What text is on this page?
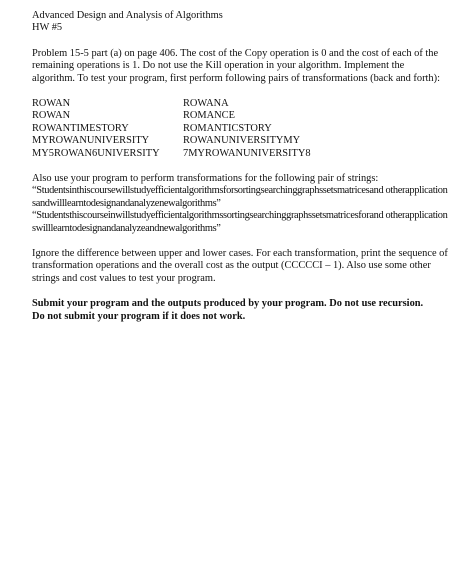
Advanced Design and Analysis of Algorithms
HW #5

Problem 15-5 part (a) on page 406. The cost of the Copy operation is 0 and the cost of each of the remaining operations is 1. Do not use the Kill operation in your algorithm. Implement the algorithm. To test your program, first perform following pairs of transformations (back and forth):

ROWAN	ROWANA
ROWAN	ROMANCE
ROWANTIMESTORY	ROMANTICSTORY
MYROWANUNIVERSITY	ROWANUNIVERSITYMY
MY5ROWAN6UNIVERSITY	7MYROWANUNIVERSITY8

Also use your program to perform transformations for the following pair of strings:

“Studentsinthiscoursewillstudyefficientalgorithmsforsortingsearchinggraphssetsmatricesand otherapplicationsandwilllearntodesignandanalyzenewalgorithms”

“Studentsthiscourseinwillstudyefficientalgorithmssortingsearchinggraphssetsmatricesforand otherapplicationswilllearntodesignandanalyzeandnewalgorithms”

Ignore the difference between upper and lower cases. For each transformation, print the sequence of transformation operations and the overall cost as the output (CCCCCI – 1). Also use some other strings and cost values to test your program.

Submit your program and the outputs produced by your program. Do not use recursion.
Do not submit your program if it does not work.
